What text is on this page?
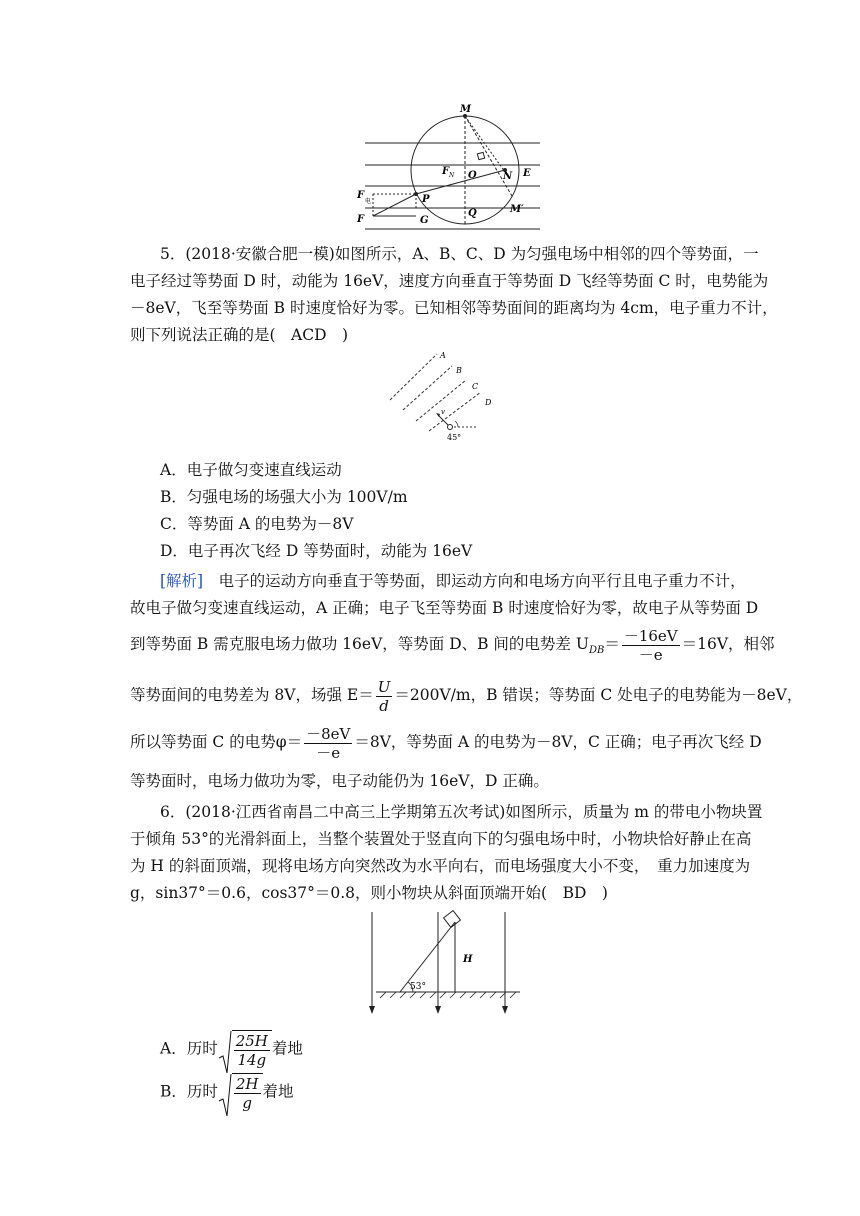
M
O
F N	N E
P
G
Q	M′
F
电
F
5．(2018·安徽合肥一模)如图所示，A、B、C、D 为匀强电场中相邻的四个等势面，一
电子经过等势面 D 时，动能为 16eV，速度方向垂直于等势面 D 飞经等势面 C 时，电势能为
－8eV，飞至等势面 B 时速度恰好为零。已知相邻等势面间的距离均为 4cm，电子重力不计，
则下列说法正确的是(　ACD　)
A
B
C
D
v
45°
A．电子做匀变速直线运动
B．匀强电场的场强大小为 100V/m
C．等势面 A 的电势为－8V
D．电子再次飞经 D 等势面时，动能为 16eV
[解析]　电子的运动方向垂直于等势面，即运动方向和电场方向平行且电子重力不计，
故电子做匀变速直线运动，A 正确；电子飞至等势面 B 时速度恰好为零，故电子从等势面 D
到等势面 B 需克服电场力做功 16eV，等势面 D、B 间的电势差 $U_{DB}= \frac{-16eV}{-e} =16V$，相邻
等势面间的电势差为 8V，场强 $E= \frac{U}{d} =200V/m$，B 错误；等势面 C 处电子的电势能为－8eV，
所以等势面 C 的电势$\varphi= \frac{-8eV}{-e} =8V$，等势面 A 的电势为－8V，C 正确；电子再次飞经 D
等势面时，电场力做功为零，电子动能仍为 16eV，D 正确。
6．(2018·江西省南昌二中高三上学期第五次考试)如图所示，质量为 m 的带电小物块置
于倾角 53°的光滑斜面上，当整个装置处于竖直向下的匀强电场中时，小物块恰好静止在高
为 H 的斜面顶端，现将电场方向突然改为水平向右，而电场强度大小不变，　重力加速度为
g，sin37°＝0.6，cos37°＝0.8，则小物块从斜面顶端开始(　BD　)
H
53°
A．历时 $\frac{25H}{14g}$ 着地
B．历时 $\frac{2H}{g}$ 着地
